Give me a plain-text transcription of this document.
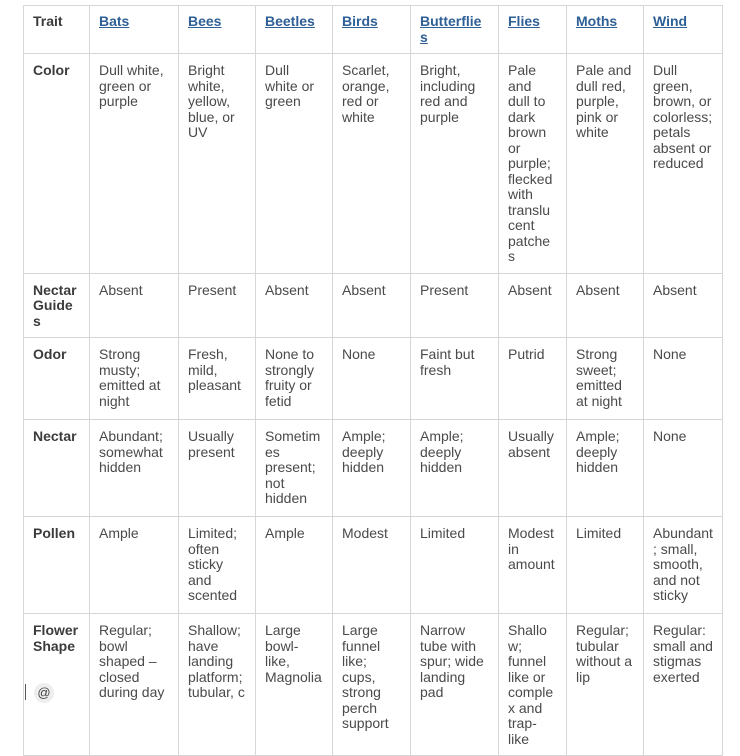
Trait	Bats	Bees	Beetles	Birds	Butterflies	Flies	Moths	Wind
Color	Dull white, green or purple	Bright white, yellow, blue, or UV	Dull white or green	Scarlet, orange, red or white	Bright, including red and purple	Pale and dull to dark brown or purple; flecked with translucent patches	Pale and dull red, purple, pink or white	Dull green, brown, or colorless; petals absent or reduced
Nectar Guides	Absent	Present	Absent	Absent	Present	Absent	Absent	Absent
Odor	Strong musty; emitted at night	Fresh, mild, pleasant	None to strongly fruity or fetid	None	Faint but fresh	Putrid	Strong sweet; emitted at night	None
Nectar	Abundant; somewhat hidden	Usually present	Sometimes present; not hidden	Ample; deeply hidden	Ample; deeply hidden	Usually absent	Ample; deeply hidden	None
Pollen	Ample	Limited; often sticky and scented	Ample	Modest	Limited	Modest in amount	Limited	Abundant; small, smooth, and not sticky
Flower Shape	Regular; bowl shaped – closed during day	Shallow; have landing platform; tubular, c	Large bowl-like, Magnolia	Large funnel like; cups, strong perch support	Narrow tube with spur; wide landing pad	Shallow; funnel like or complex and trap-like	Regular; tubular without a lip	Regular: small and stigmas exerted
@
